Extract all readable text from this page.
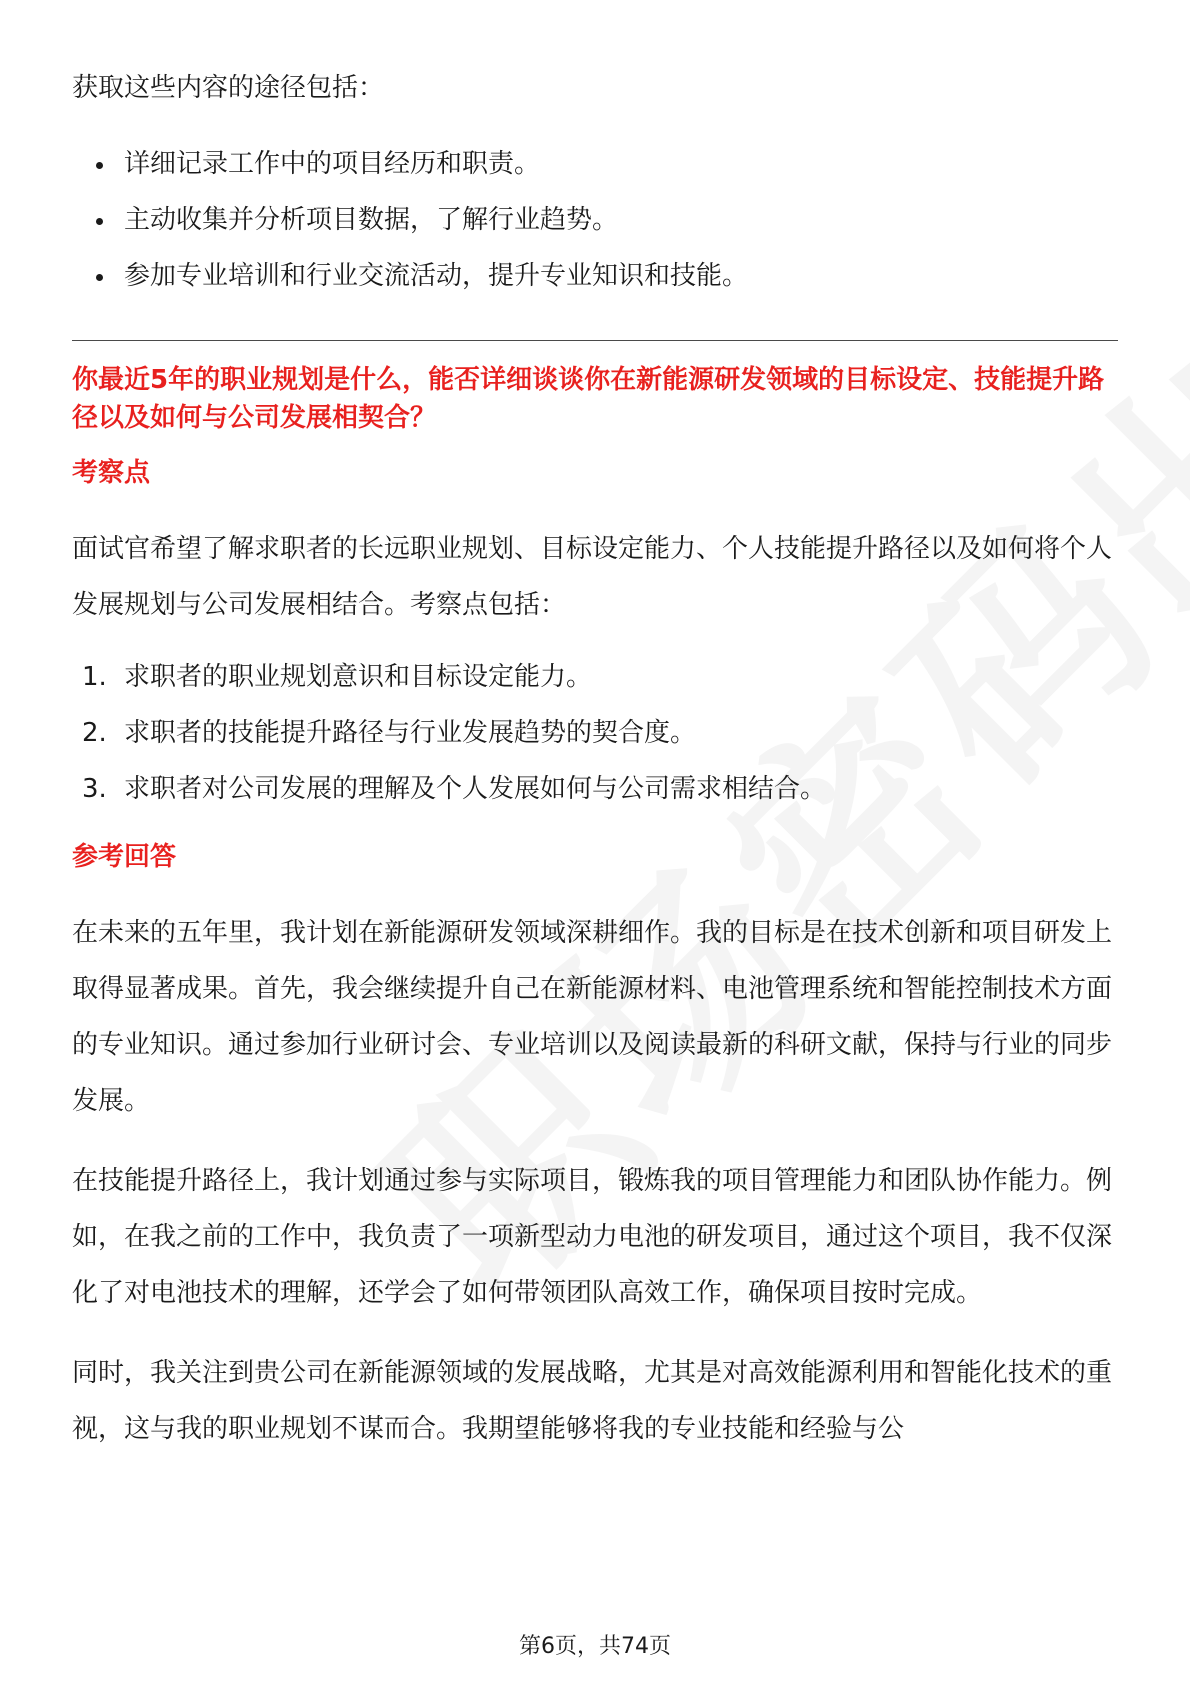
获取这些内容的途径包括：

详细记录工作中的项目经历和职责。
主动收集并分析项目数据，了解行业趋势。
参加专业培训和行业交流活动，提升专业知识和技能。

你最近5年的职业规划是什么，能否详细谈谈你在新能源研发领域的目标设定、技能提升路径以及如何与公司发展相契合？

考察点

面试官希望了解求职者的长远职业规划、目标设定能力、个人技能提升路径以及如何将个人发展规划与公司发展相结合。考察点包括：

1. 求职者的职业规划意识和目标设定能力。
2. 求职者的技能提升路径与行业发展趋势的契合度。
3. 求职者对公司发展的理解及个人发展如何与公司需求相结合。

参考回答

在未来的五年里，我计划在新能源研发领域深耕细作。我的目标是在技术创新和项目研发上取得显著成果。首先，我会继续提升自己在新能源材料、电池管理系统和智能控制技术方面的专业知识。通过参加行业研讨会、专业培训以及阅读最新的科研文献，保持与行业的同步发展。

在技能提升路径上，我计划通过参与实际项目，锻炼我的项目管理能力和团队协作能力。例如，在我之前的工作中，我负责了一项新型动力电池的研发项目，通过这个项目，我不仅深化了对电池技术的理解，还学会了如何带领团队高效工作，确保项目按时完成。

同时，我关注到贵公司在新能源领域的发展战略，尤其是对高效能源利用和智能化技术的重视，这与我的职业规划不谋而合。我期望能够将我的专业技能和经验与公

第6页，共74页
